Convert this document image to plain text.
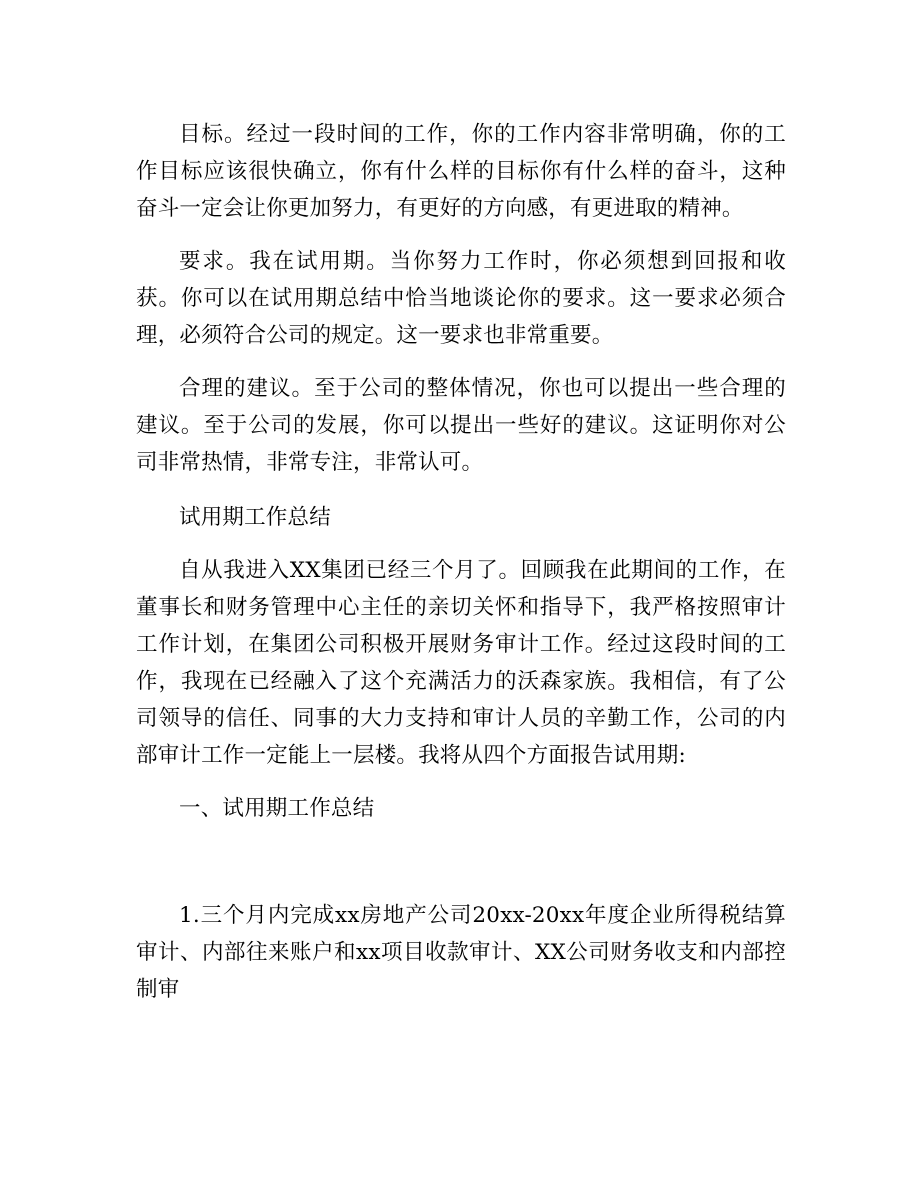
目标。经过一段时间的工作，你的工作内容非常明确，你的工作目标应该很快确立，你有什么样的目标你有什么样的奋斗，这种奋斗一定会让你更加努力，有更好的方向感，有更进取的精神。

要求。我在试用期。当你努力工作时，你必须想到回报和收获。你可以在试用期总结中恰当地谈论你的要求。这一要求必须合理，必须符合公司的规定。这一要求也非常重要。

合理的建议。至于公司的整体情况，你也可以提出一些合理的建议。至于公司的发展，你可以提出一些好的建议。这证明你对公司非常热情，非常专注，非常认可。

试用期工作总结

自从我进入XX集团已经三个月了。回顾我在此期间的工作，在董事长和财务管理中心主任的亲切关怀和指导下，我严格按照审计工作计划，在集团公司积极开展财务审计工作。经过这段时间的工作，我现在已经融入了这个充满活力的沃森家族。我相信，有了公司领导的信任、同事的大力支持和审计人员的辛勤工作，公司的内部审计工作一定能上一层楼。我将从四个方面报告试用期:

一、试用期工作总结

1.三个月内完成xx房地产公司20xx-20xx年度企业所得税结算审计、内部往来账户和xx项目收款审计、XX公司财务收支和内部控制审
